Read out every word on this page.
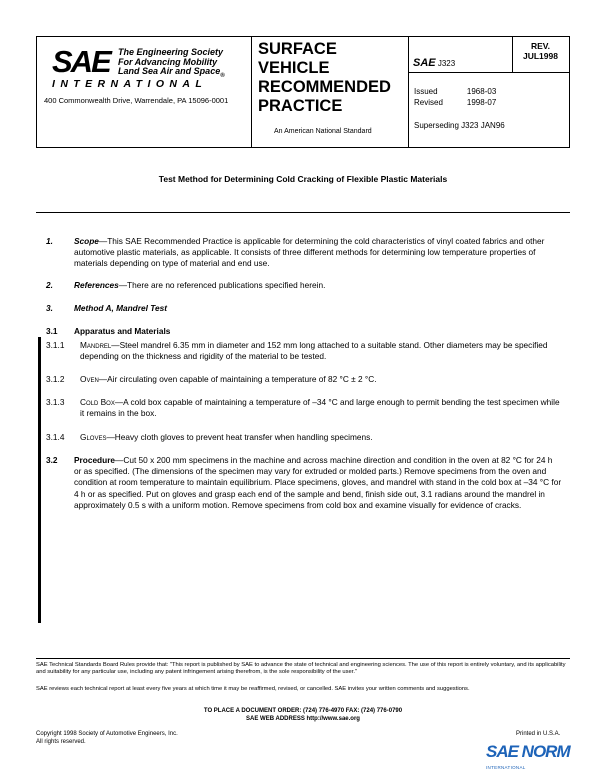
SAE The Engineering Society
For Advancing Mobility
Land Sea Air and Space$_®$
INTERNATIONAL
400 Commonwealth Drive, Warrendale, PA 15096-0001
SURFACE
VEHICLE
RECOMMENDED
PRACTICE
An American National Standard
SAE J323
REV.
JUL1998
Issued	1968-03
Revised	1998-07
Superseding J323 JAN96
Test Method for Determining Cold Cracking of Flexible Plastic Materials
1.	Scope—This SAE Recommended Practice is applicable for determining the cold characteristics of vinyl coated fabrics and other automotive plastic materials, as applicable. It consists of three different methods for determining low temperature properties of materials depending on type of material and end use.
2.	References—There are no referenced publications specified herein.
3.	Method A, Mandrel Test
3.1 Apparatus and Materials
3.1.1 Mandrel—Steel mandrel 6.35 mm in diameter and 152 mm long attached to a suitable stand. Other diameters may be specified depending on the thickness and rigidity of the material to be tested.
3.1.2 Oven—Air circulating oven capable of maintaining a temperature of 82 °C ± 2 °C.
3.1.3 Cold Box—A cold box capable of maintaining a temperature of –34 °C and large enough to permit bending the test specimen while it remains in the box.
3.1.4 Gloves—Heavy cloth gloves to prevent heat transfer when handling specimens.
3.2 Procedure—Cut 50 x 200 mm specimens in the machine and across machine direction and condition in the oven at 82 °C for 24 h or as specified. (The dimensions of the specimen may vary for extruded or molded parts.) Remove specimens from the oven and condition at room temperature to maintain equilibrium. Place specimens, gloves, and mandrel with stand in the cold box at –34 °C for 4 h or as specified. Put on gloves and grasp each end of the sample and bend, finish side out, 3.1 radians around the mandrel in approximately 0.5 s with a uniform motion. Remove specimens from cold box and examine visually for evidence of cracks.
SAE Technical Standards Board Rules provide that: "This report is published by SAE to advance the state of technical and engineering sciences. The use of this report is entirely voluntary, and its applicability and suitability for any particular use, including any patent infringement arising therefrom, is the sole responsibility of the user."
SAE reviews each technical report at least every five years at which time it may be reaffirmed, revised, or cancelled. SAE invites your written comments and suggestions.
TO PLACE A DOCUMENT ORDER: (724) 776-4970 FAX: (724) 776-0790
SAE WEB ADDRESS http://www.sae.org
Copyright 1998 Society of Automotive Engineers, Inc.
All rights reserved.
Printed in U.S.A.
SAE NORM
INTERNATIONAL
